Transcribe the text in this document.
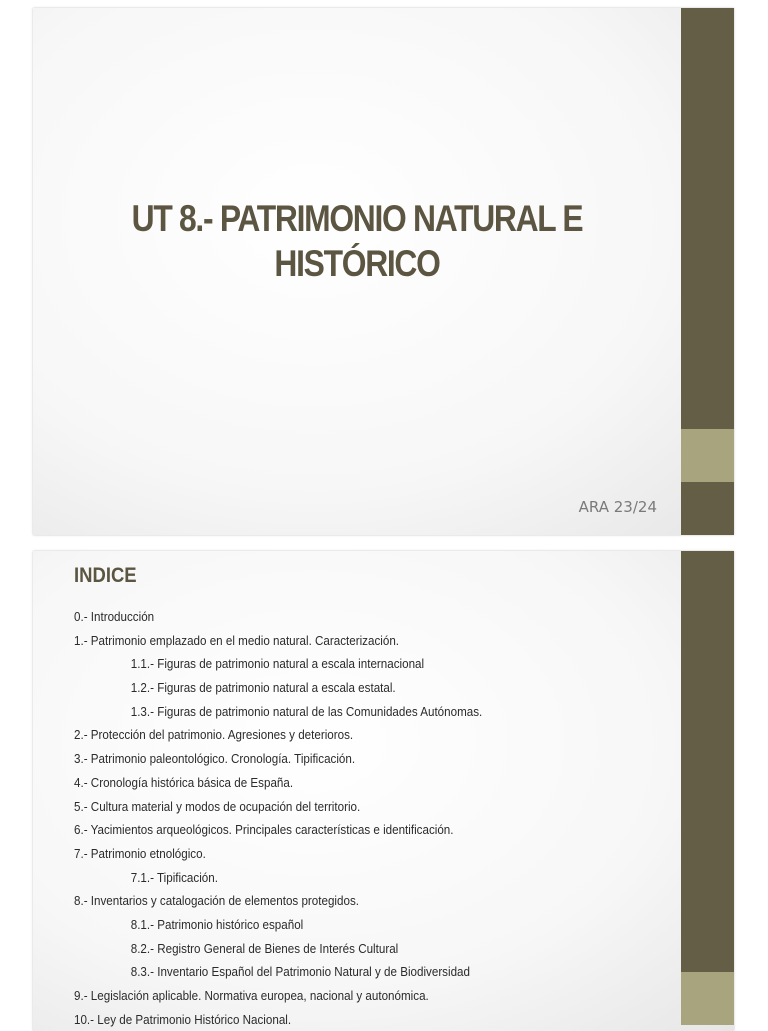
UT 8.- PATRIMONIO NATURAL E
HISTÓRICO
ARA 23/24
INDICE
0.- Introducción
1.- Patrimonio emplazado en el medio natural. Caracterización.
1.1.- Figuras de patrimonio natural a escala internacional
1.2.- Figuras de patrimonio natural a escala estatal.
1.3.- Figuras de patrimonio natural de las Comunidades Autónomas.
2.- Protección del patrimonio. Agresiones y deterioros.
3.- Patrimonio paleontológico. Cronología. Tipificación.
4.- Cronología histórica básica de España.
5.- Cultura material y modos de ocupación del territorio.
6.- Yacimientos arqueológicos. Principales características e identificación.
7.- Patrimonio etnológico.
7.1.- Tipificación.
8.- Inventarios y catalogación de elementos protegidos.
8.1.- Patrimonio histórico español
8.2.- Registro General de Bienes de Interés Cultural
8.3.- Inventario Español del Patrimonio Natural y de Biodiversidad
9.- Legislación aplicable. Normativa europea, nacional y autonómica.
10.- Ley de Patrimonio Histórico Nacional.
